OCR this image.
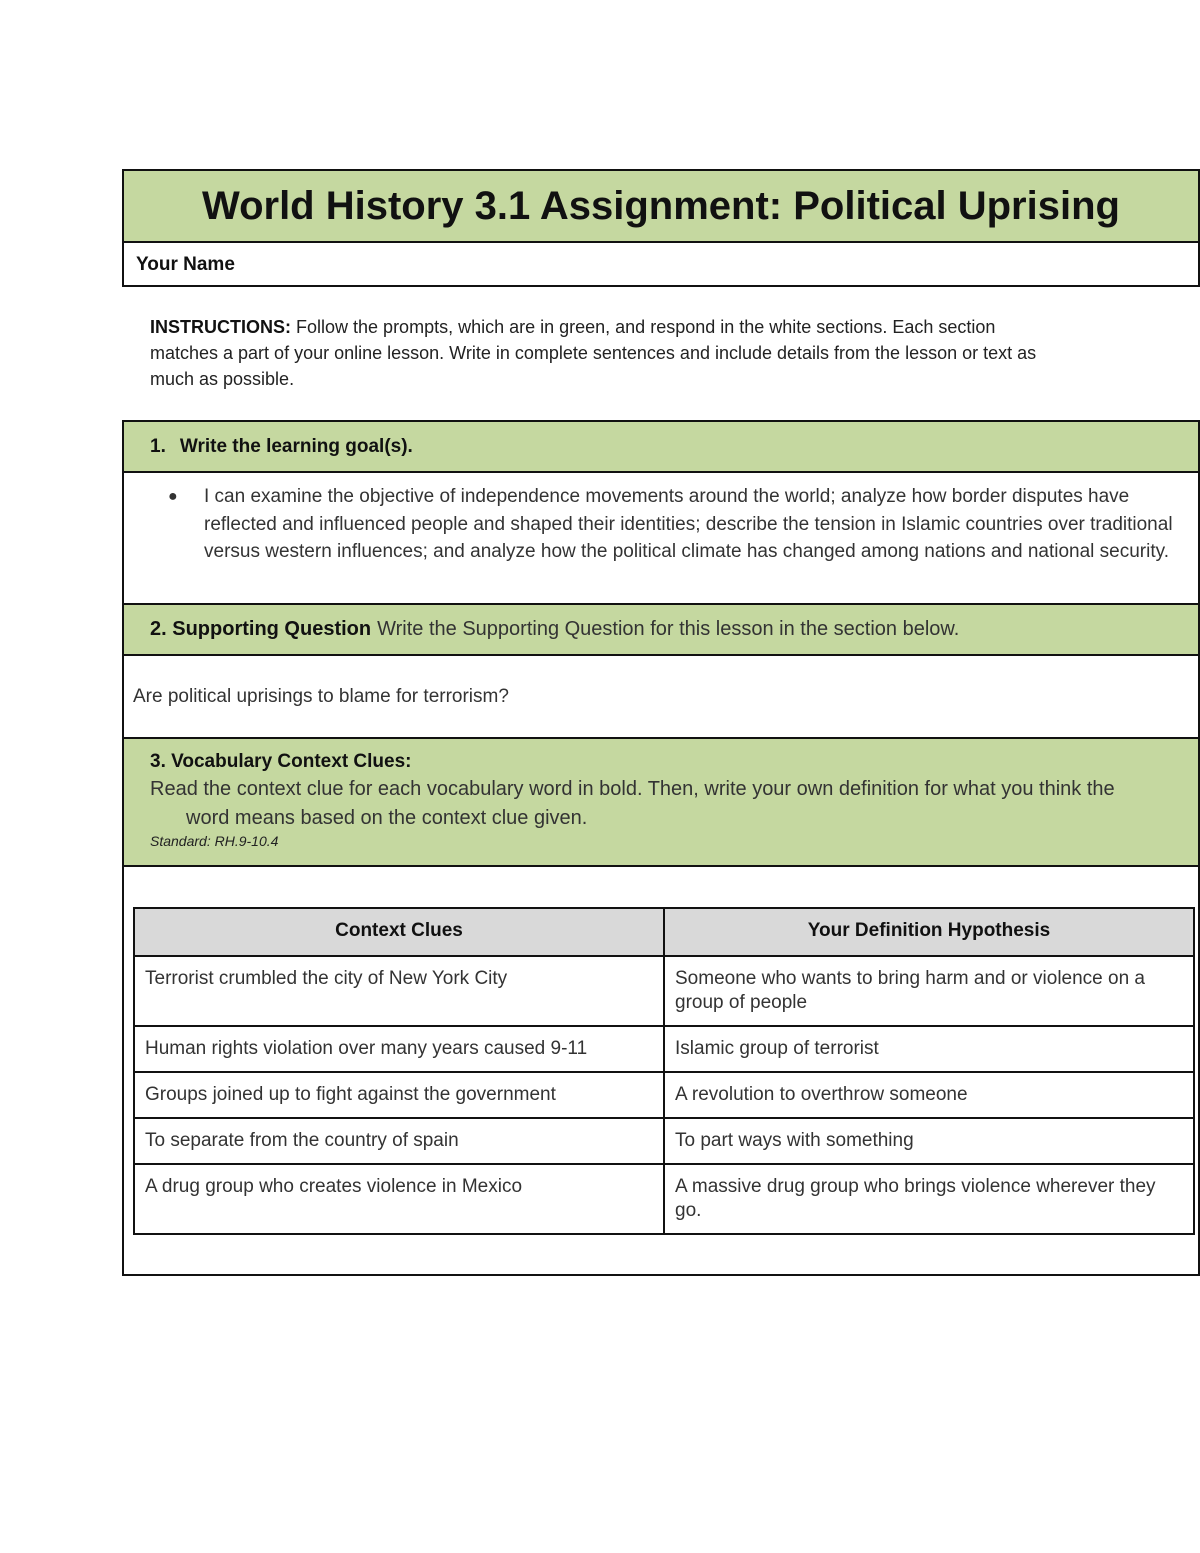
World History 3.1 Assignment: Political Uprising
Your Name
INSTRUCTIONS: Follow the prompts, which are in green, and respond in the white sections. Each section matches a part of your online lesson. Write in complete sentences and include details from the lesson or text as much as possible.
1. Write the learning goal(s).
● I can examine the objective of independence movements around the world; analyze how border disputes have reflected and influenced people and shaped their identities; describe the tension in Islamic countries over traditional versus western influences; and analyze how the political climate has changed among nations and national security.
2. Supporting Question Write the Supporting Question for this lesson in the section below.
Are political uprisings to blame for terrorism?
3. Vocabulary Context Clues:
Read the context clue for each vocabulary word in bold. Then, write your own definition for what you think the
word means based on the context clue given.
Standard: RH.9-10.4
Context Clues	Your Definition Hypothesis
Terrorist crumbled the city of New York City	Someone who wants to bring harm and or violence on a group of people
Human rights violation over many years caused 9-11	Islamic group of terrorist
Groups joined up to fight against the government	A revolution to overthrow someone
To separate from the country of spain	To part ways with something
A drug group who creates violence in Mexico	A massive drug group who brings violence wherever they go.
